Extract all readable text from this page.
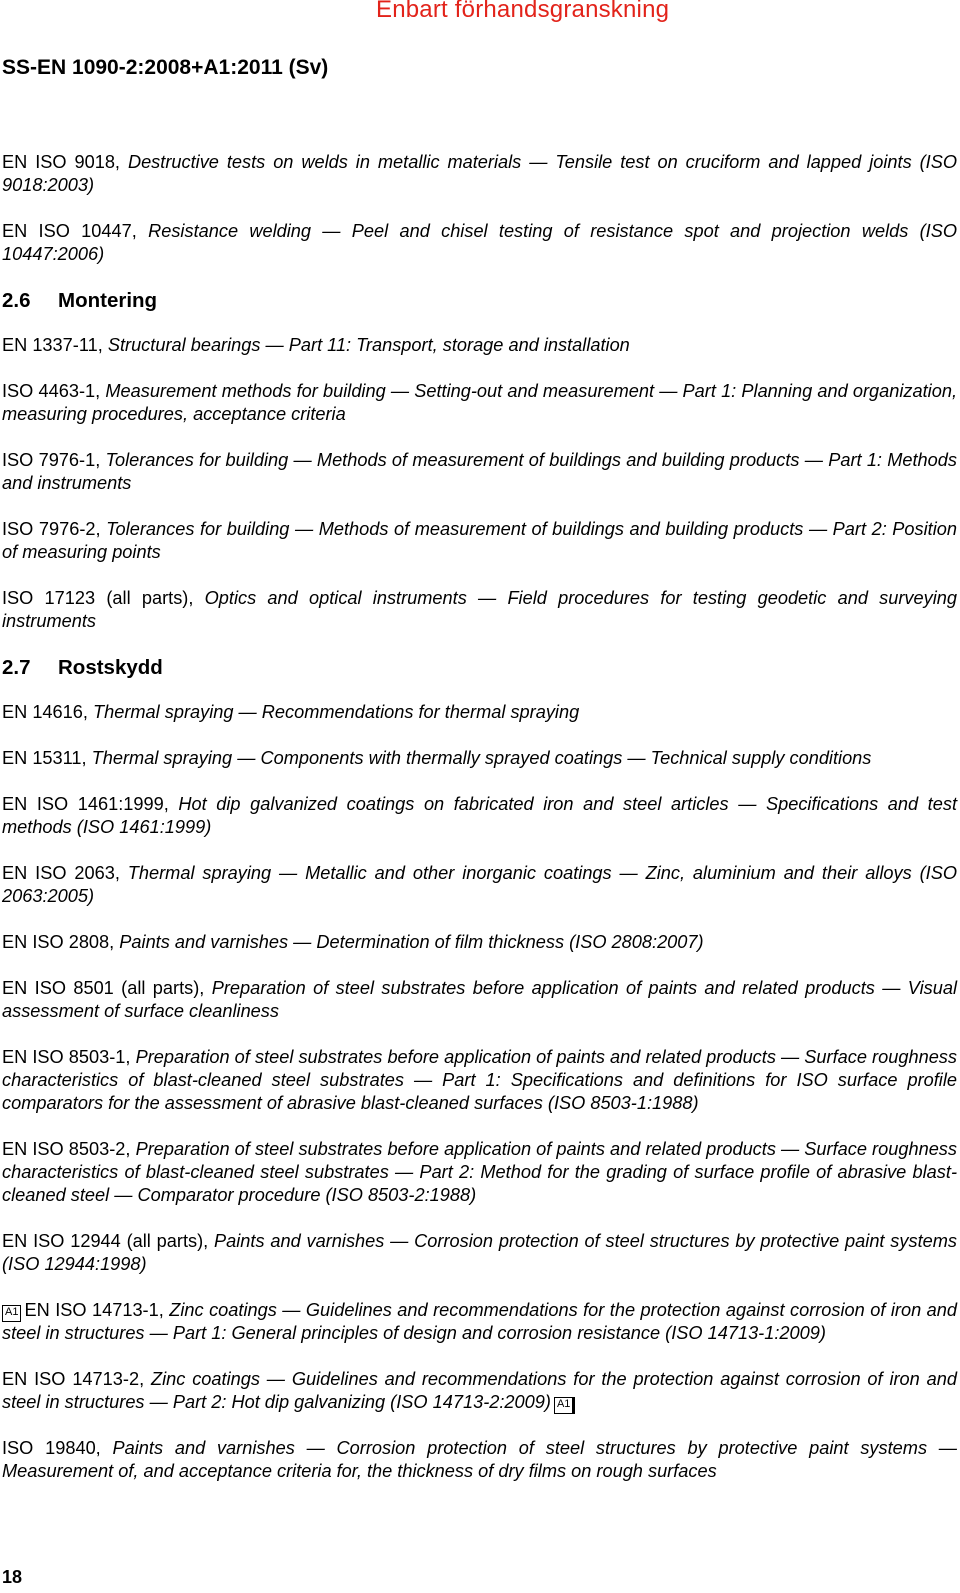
Enbart förhandsgranskning
SS-EN 1090-2:2008+A1:2011 (Sv)

EN ISO 9018, Destructive tests on welds in metallic materials — Tensile test on cruciform and lapped joints (ISO 9018:2003)

EN ISO 10447, Resistance welding — Peel and chisel testing of resistance spot and projection welds (ISO 10447:2006)

2.6 Montering

EN 1337-11, Structural bearings — Part 11: Transport, storage and installation

ISO 4463-1, Measurement methods for building — Setting-out and measurement — Part 1: Planning and organization, measuring procedures, acceptance criteria

ISO 7976-1, Tolerances for building — Methods of measurement of buildings and building products — Part 1: Methods and instruments

ISO 7976-2, Tolerances for building — Methods of measurement of buildings and building products — Part 2: Position of measuring points

ISO 17123 (all parts), Optics and optical instruments — Field procedures for testing geodetic and surveying instruments

2.7 Rostskydd

EN 14616, Thermal spraying — Recommendations for thermal spraying

EN 15311, Thermal spraying — Components with thermally sprayed coatings — Technical supply conditions

EN ISO 1461:1999, Hot dip galvanized coatings on fabricated iron and steel articles — Specifications and test methods (ISO 1461:1999)

EN ISO 2063, Thermal spraying — Metallic and other inorganic coatings — Zinc, aluminium and their alloys (ISO 2063:2005)

EN ISO 2808, Paints and varnishes — Determination of film thickness (ISO 2808:2007)

EN ISO 8501 (all parts), Preparation of steel substrates before application of paints and related products — Visual assessment of surface cleanliness

EN ISO 8503-1, Preparation of steel substrates before application of paints and related products — Surface roughness characteristics of blast-cleaned steel substrates — Part 1: Specifications and definitions for ISO surface profile comparators for the assessment of abrasive blast-cleaned surfaces (ISO 8503-1:1988)

EN ISO 8503-2, Preparation of steel substrates before application of paints and related products — Surface roughness characteristics of blast-cleaned steel substrates — Part 2: Method for the grading of surface profile of abrasive blast-cleaned steel — Comparator procedure (ISO 8503-2:1988)

EN ISO 12944 (all parts), Paints and varnishes — Corrosion protection of steel structures by protective paint systems (ISO 12944:1998)

A1 EN ISO 14713-1, Zinc coatings — Guidelines and recommendations for the protection against corrosion of iron and steel in structures — Part 1: General principles of design and corrosion resistance (ISO 14713-1:2009)

EN ISO 14713-2, Zinc coatings — Guidelines and recommendations for the protection against corrosion of iron and steel in structures — Part 2: Hot dip galvanizing (ISO 14713-2:2009) A1

ISO 19840, Paints and varnishes — Corrosion protection of steel structures by protective paint systems — Measurement of, and acceptance criteria for, the thickness of dry films on rough surfaces

18
